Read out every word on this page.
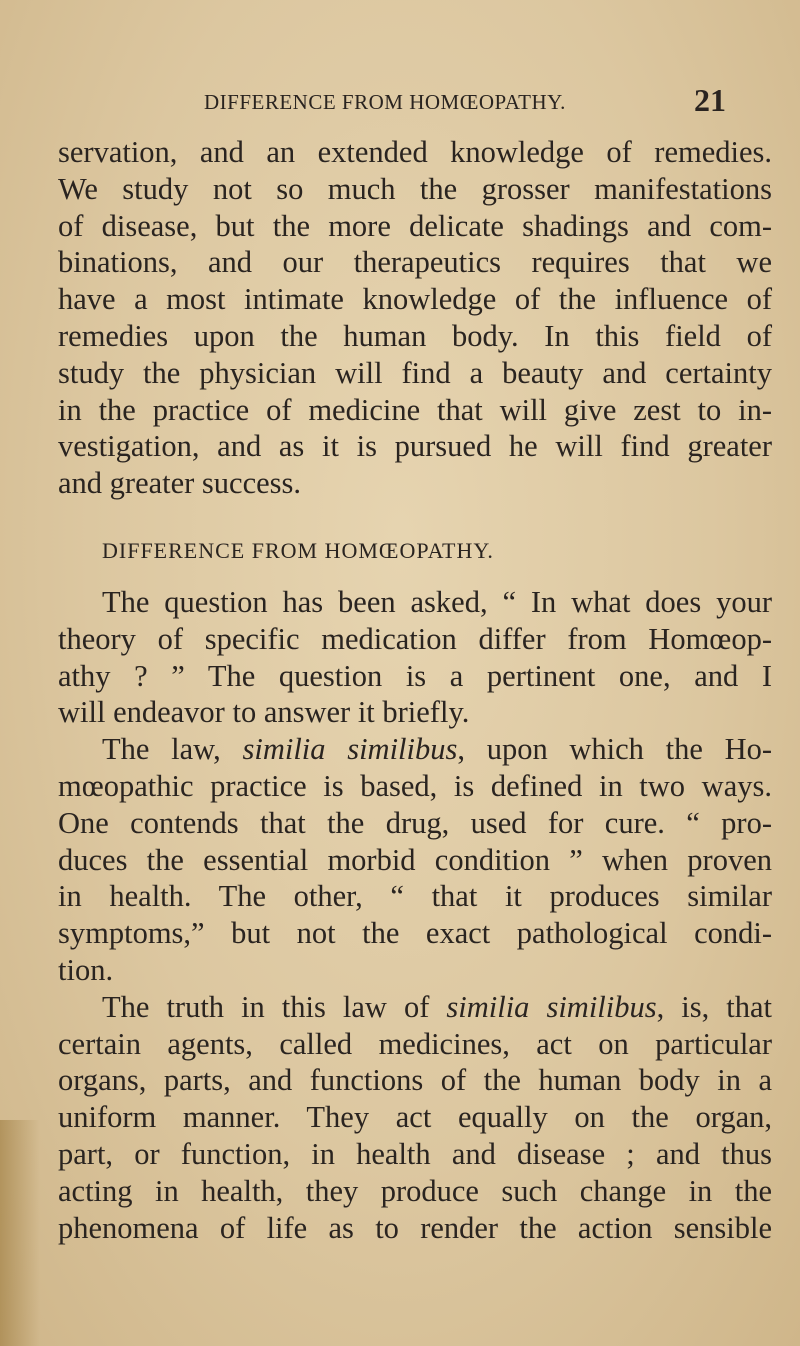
DIFFERENCE FROM HOMŒOPATHY.	21

servation, and an extended knowledge of remedies.
We study not so much the grosser manifestations
of disease, but the more delicate shadings and com-
binations, and our therapeutics requires that we
have a most intimate knowledge of the influence of
remedies upon the human body. In this field of
study the physician will find a beauty and certainty
in the practice of medicine that will give zest to in-
vestigation, and as it is pursued he will find greater
and greater success.

DIFFERENCE FROM HOMŒOPATHY.

The question has been asked, “ In what does your
theory of specific medication differ from Homœop-
athy ? ” The question is a pertinent one, and I
will endeavor to answer it briefly.

The law, similia similibus, upon which the Ho-
mœopathic practice is based, is defined in two ways.
One contends that the drug, used for cure. “ pro-
duces the essential morbid condition ” when proven
in health. The other, “ that it produces similar
symptoms,” but not the exact pathological condi-
tion.

The truth in this law of similia similibus, is, that
certain agents, called medicines, act on particular
organs, parts, and functions of the human body in a
uniform manner. They act equally on the organ,
part, or function, in health and disease ; and thus
acting in health, they produce such change in the
phenomena of life as to render the action sensible
